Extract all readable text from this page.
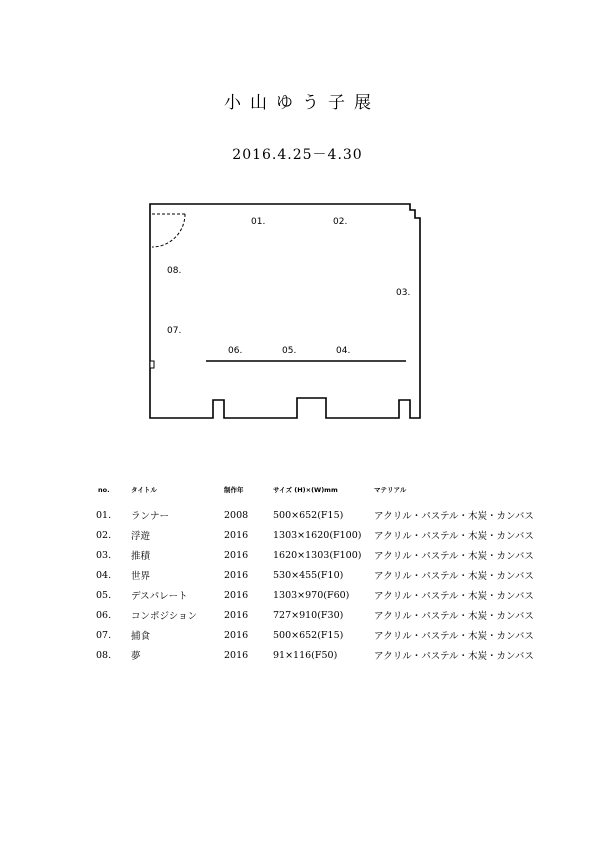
小山ゆう子展
2016.4.25－4.30
01.	02.
03.
04.
05.
06.
07.
08.
no.	タイトル	制作年	サイズ (H)×(W)mm	マテリアル
01.	ランナー	2008	500×652(F15)	アクリル・パステル・木炭・カンバス
02.	浮遊	2016	1303×1620(F100)	アクリル・パステル・木炭・カンバス
03.	推積	2016	1620×1303(F100)	アクリル・パステル・木炭・カンバス
04.	世界	2016	530×455(F10)	アクリル・パステル・木炭・カンバス
05.	デスパレート	2016	1303×970(F60)	アクリル・パステル・木炭・カンバス
06.	コンポジション	2016	727×910(F30)	アクリル・パステル・木炭・カンバス
07.	捕食	2016	500×652(F15)	アクリル・パステル・木炭・カンバス
08.	夢	2016	91×116(F50)	アクリル・パステル・木炭・カンバス
